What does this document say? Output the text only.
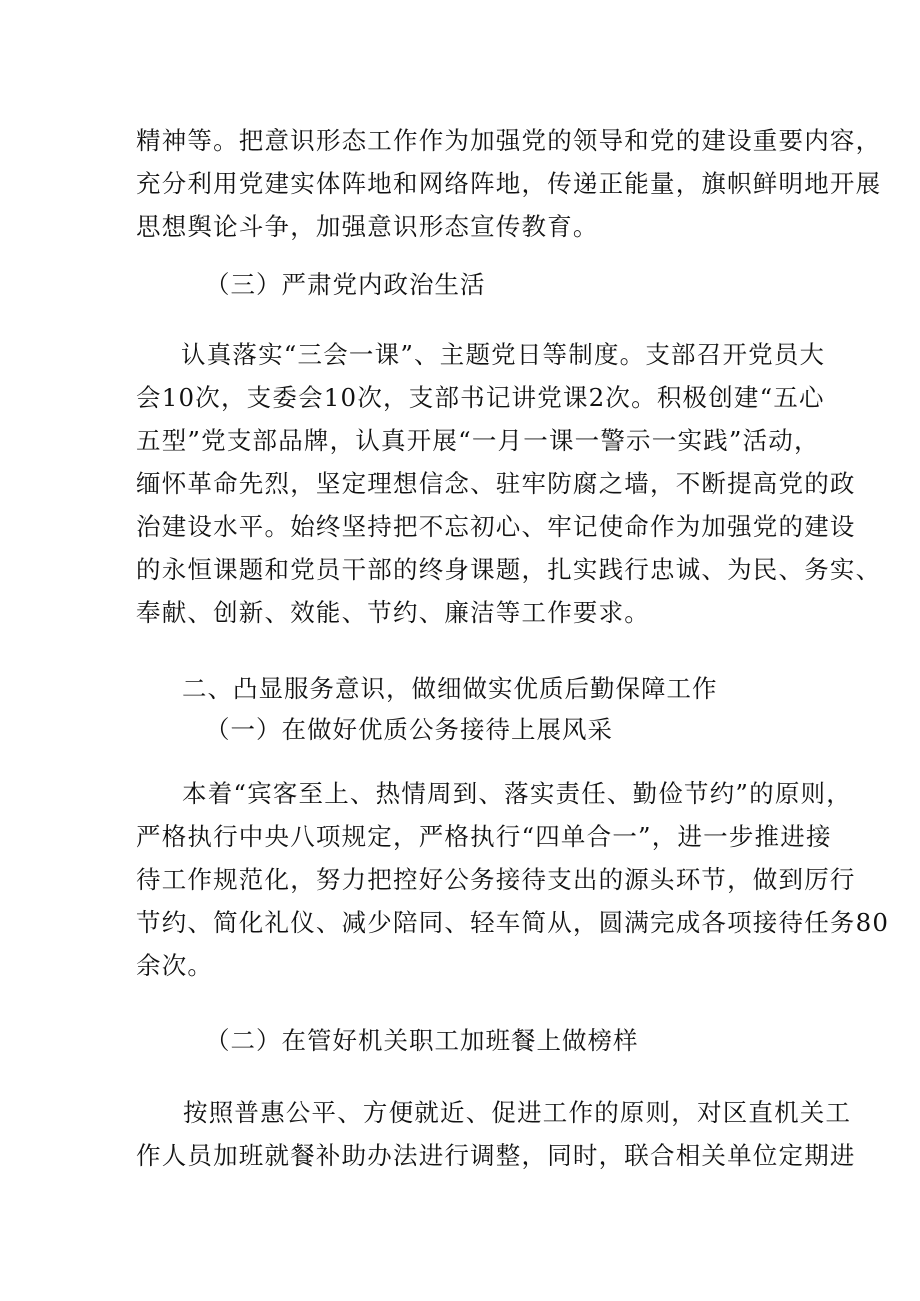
精神等。把意识形态工作作为加强党的领导和党的建设重要内容，
充分利用党建实体阵地和网络阵地，传递正能量，旗帜鲜明地开展
思想舆论斗争，加强意识形态宣传教育。
（三）严肃党内政治生活
认真落实“三会一课”、主题党日等制度。支部召开党员大
会10次，支委会10次，支部书记讲党课2次。积极创建“五心
五型”党支部品牌，认真开展“一月一课一警示一实践”活动，
缅怀革命先烈，坚定理想信念、驻牢防腐之墙，不断提高党的政
治建设水平。始终坚持把不忘初心、牢记使命作为加强党的建设
的永恒课题和党员干部的终身课题，扎实践行忠诚、为民、务实、
奉献、创新、效能、节约、廉洁等工作要求。
二、凸显服务意识，做细做实优质后勤保障工作
（一）在做好优质公务接待上展风采
本着“宾客至上、热情周到、落实责任、勤俭节约”的原则，
严格执行中央八项规定，严格执行“四单合一”，进一步推进接
待工作规范化，努力把控好公务接待支出的源头环节，做到厉行
节约、简化礼仪、减少陪同、轻车简从，圆满完成各项接待任务80
余次。
（二）在管好机关职工加班餐上做榜样
按照普惠公平、方便就近、促进工作的原则，对区直机关工
作人员加班就餐补助办法进行调整，同时，联合相关单位定期进
